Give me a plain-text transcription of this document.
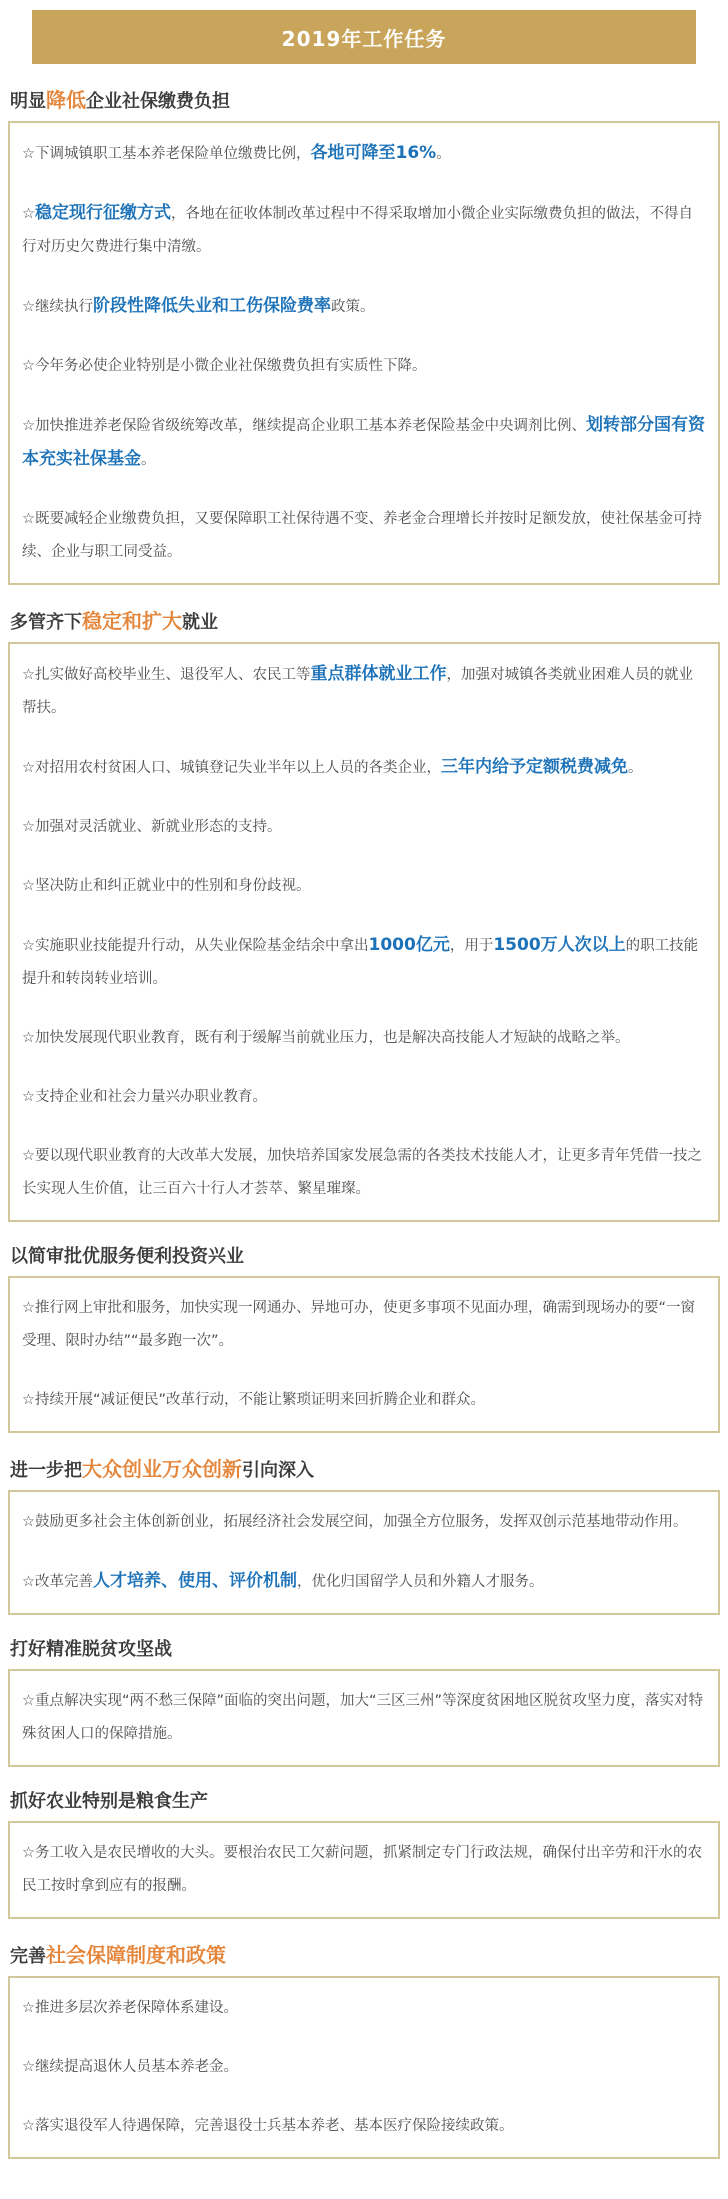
2019年工作任务
明显降低企业社保缴费负担
☆下调城镇职工基本养老保险单位缴费比例，各地可降至16%。
☆稳定现行征缴方式，各地在征收体制改革过程中不得采取增加小微企业实际缴费负担的做法，不得自行对历史欠费进行集中清缴。
☆继续执行阶段性降低失业和工伤保险费率政策。
☆今年务必使企业特别是小微企业社保缴费负担有实质性下降。
☆加快推进养老保险省级统筹改革，继续提高企业职工基本养老保险基金中央调剂比例、划转部分国有资本充实社保基金。
☆既要减轻企业缴费负担，又要保障职工社保待遇不变、养老金合理增长并按时足额发放，使社保基金可持续、企业与职工同受益。
多管齐下稳定和扩大就业
☆扎实做好高校毕业生、退役军人、农民工等重点群体就业工作，加强对城镇各类就业困难人员的就业帮扶。
☆对招用农村贫困人口、城镇登记失业半年以上人员的各类企业，三年内给予定额税费减免。
☆加强对灵活就业、新就业形态的支持。
☆坚决防止和纠正就业中的性别和身份歧视。
☆实施职业技能提升行动，从失业保险基金结余中拿出1000亿元，用于1500万人次以上的职工技能提升和转岗转业培训。
☆加快发展现代职业教育，既有利于缓解当前就业压力，也是解决高技能人才短缺的战略之举。
☆支持企业和社会力量兴办职业教育。
☆要以现代职业教育的大改革大发展，加快培养国家发展急需的各类技术技能人才，让更多青年凭借一技之长实现人生价值，让三百六十行人才荟萃、繁星璀璨。
以简审批优服务便利投资兴业
☆推行网上审批和服务，加快实现一网通办、异地可办，使更多事项不见面办理，确需到现场办的要“一窗受理、限时办结”“最多跑一次”。
☆持续开展“减证便民”改革行动，不能让繁琐证明来回折腾企业和群众。
进一步把大众创业万众创新引向深入
☆鼓励更多社会主体创新创业，拓展经济社会发展空间，加强全方位服务，发挥双创示范基地带动作用。
☆改革完善人才培养、使用、评价机制，优化归国留学人员和外籍人才服务。
打好精准脱贫攻坚战
☆重点解决实现“两不愁三保障”面临的突出问题，加大“三区三州”等深度贫困地区脱贫攻坚力度，落实对特殊贫困人口的保障措施。
抓好农业特别是粮食生产
☆务工收入是农民增收的大头。要根治农民工欠薪问题，抓紧制定专门行政法规，确保付出辛劳和汗水的农民工按时拿到应有的报酬。
完善社会保障制度和政策
☆推进多层次养老保障体系建设。
☆继续提高退休人员基本养老金。
☆落实退役军人待遇保障，完善退役士兵基本养老、基本医疗保险接续政策。
